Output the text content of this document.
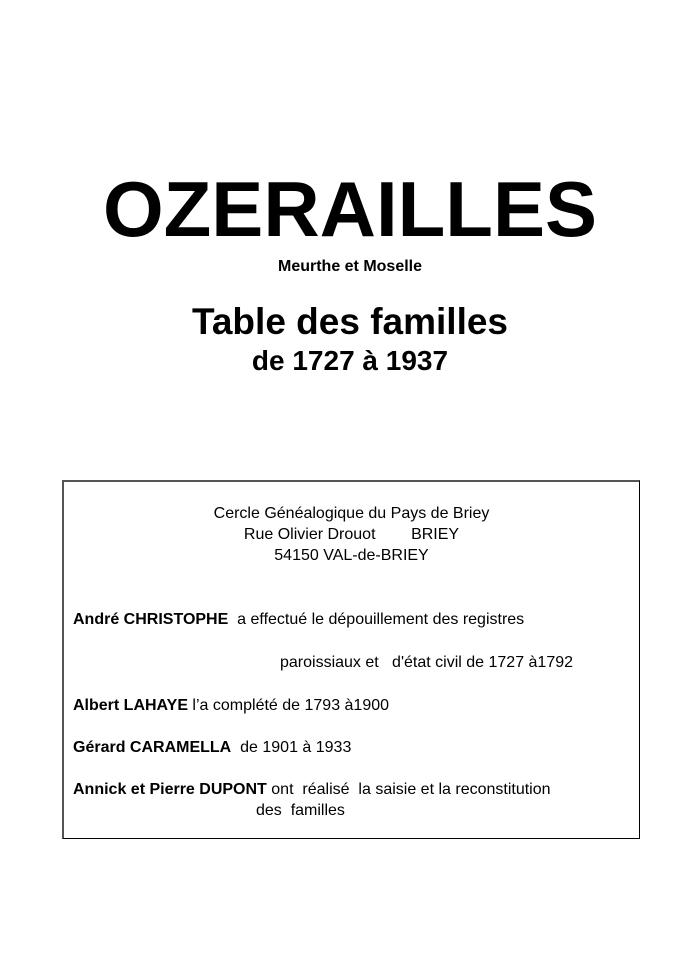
OZERAILLES
Meurthe et Moselle
Table des familles
de 1727 à 1937
Cercle Généalogique du Pays de Briey
Rue Olivier Drouot        BRIEY
54150 VAL-de-BRIEY
André CHRISTOPHE  a effectué le dépouillement des registres
paroissiaux et   d'état civil de 1727 à1792
Albert LAHAYE l’a complété de 1793 à1900
Gérard CARAMELLA  de 1901 à 1933
Annick et Pierre DUPONT ont  réalisé  la saisie et la reconstitution
des  familles
